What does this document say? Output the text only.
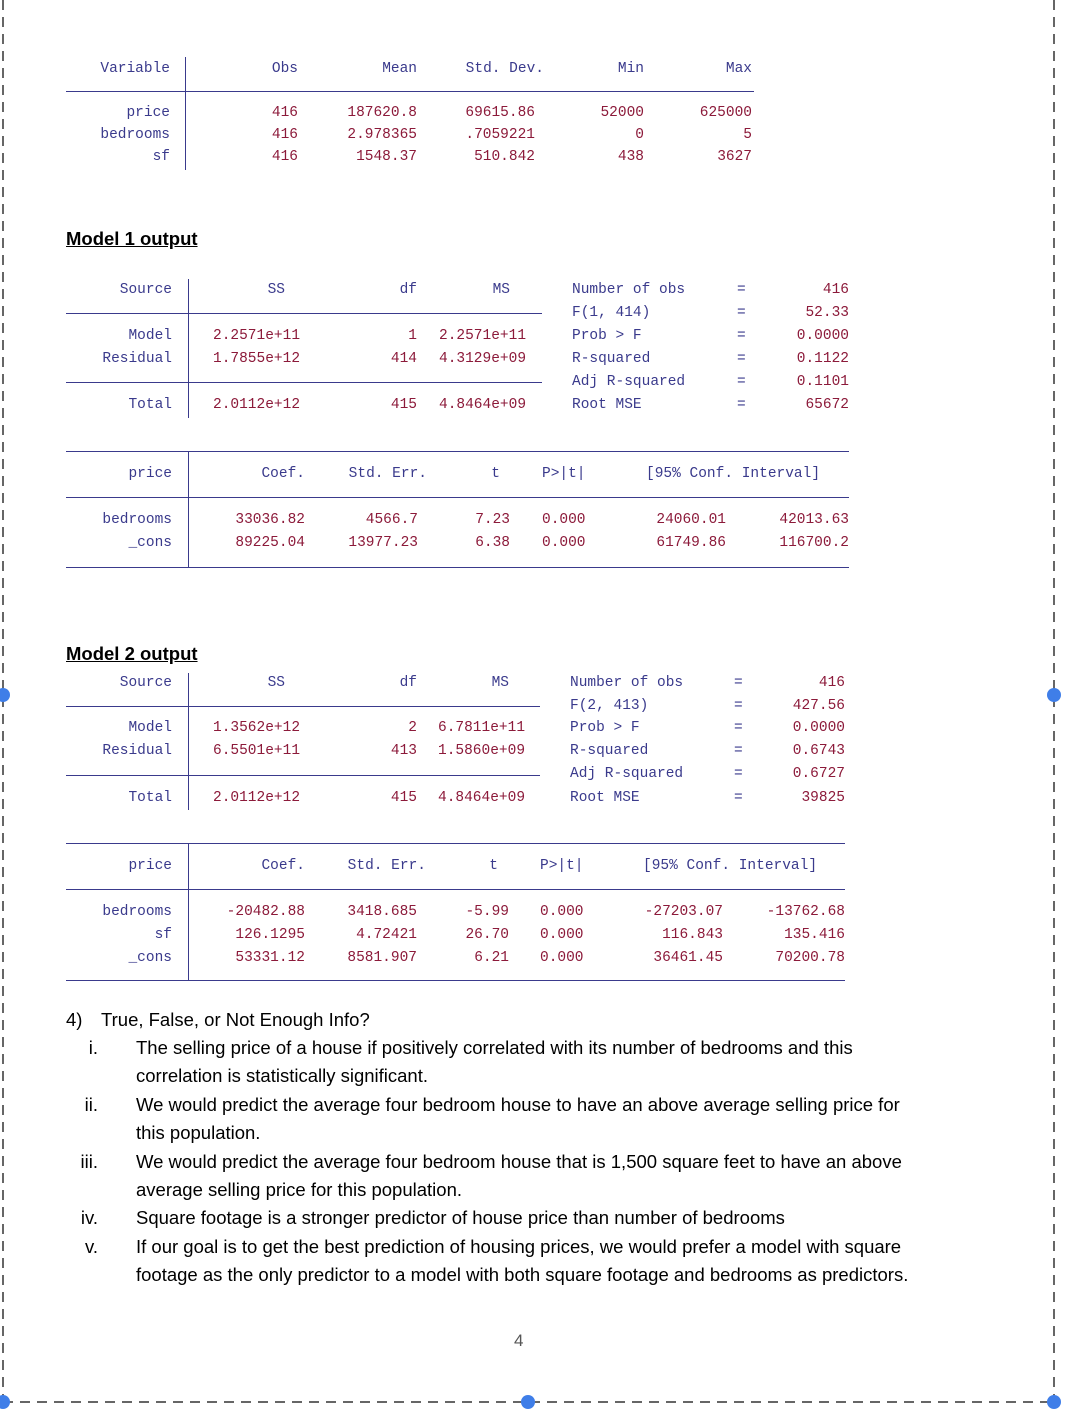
Variable	Obs	Mean	Std. Dev.	Min	Max
price	416	187620.8	69615.86	52000	625000
bedrooms	416	2.978365	.7059221	0	5
sf	416	1548.37	510.842	438	3627
Model 1 output
Source	SS	df	MS
Model	2.2571e+11	1 2.2571e+11
Residual	1.7855e+12	414 4.3129e+09
Total	2.0112e+12	415 4.8464e+09
Number of obs	=	416
F(1, 414)	=	52.33
Prob > F	=	0.0000
R-squared	=	0.1122
Adj R-squared	=	0.1101
Root MSE	=	65672
price	Coef.	Std. Err.	t	P>|t|	[95% Conf. Interval]
bedrooms	33036.82	4566.7	7.23 0.000	24060.01	42013.63
_cons	89225.04	13977.23	6.38 0.000	61749.86	116700.2
Model 2 output
Source	SS	df	MS
Model	1.3562e+12	2 6.7811e+11
Residual	6.5501e+11	413 1.5860e+09
Total	2.0112e+12	415 4.8464e+09
Number of obs	=	416
F(2, 413)	=	427.56
Prob > F	=	0.0000
R-squared	=	0.6743
Adj R-squared	=	0.6727
Root MSE	=	39825
price	Coef.	Std. Err.	t	P>|t|	[95% Conf. Interval]
bedrooms	-20482.88	3418.685	-5.99 0.000	-27203.07	-13762.68
sf	126.1295	4.72421	26.70 0.000	116.843	135.416
_cons	53331.12	8581.907	6.21 0.000	36461.45	70200.78
4) True, False, or Not Enough Info?
i. The selling price of a house if positively correlated with its number of bedrooms and this
correlation is statistically significant.
ii. We would predict the average four bedroom house to have an above average selling price for
this population.
iii. We would predict the average four bedroom house that is 1,500 square feet to have an above
average selling price for this population.
iv. Square footage is a stronger predictor of house price than number of bedrooms
v. If our goal is to get the best prediction of housing prices, we would prefer a model with square
footage as the only predictor to a model with both square footage and bedrooms as predictors.
4
